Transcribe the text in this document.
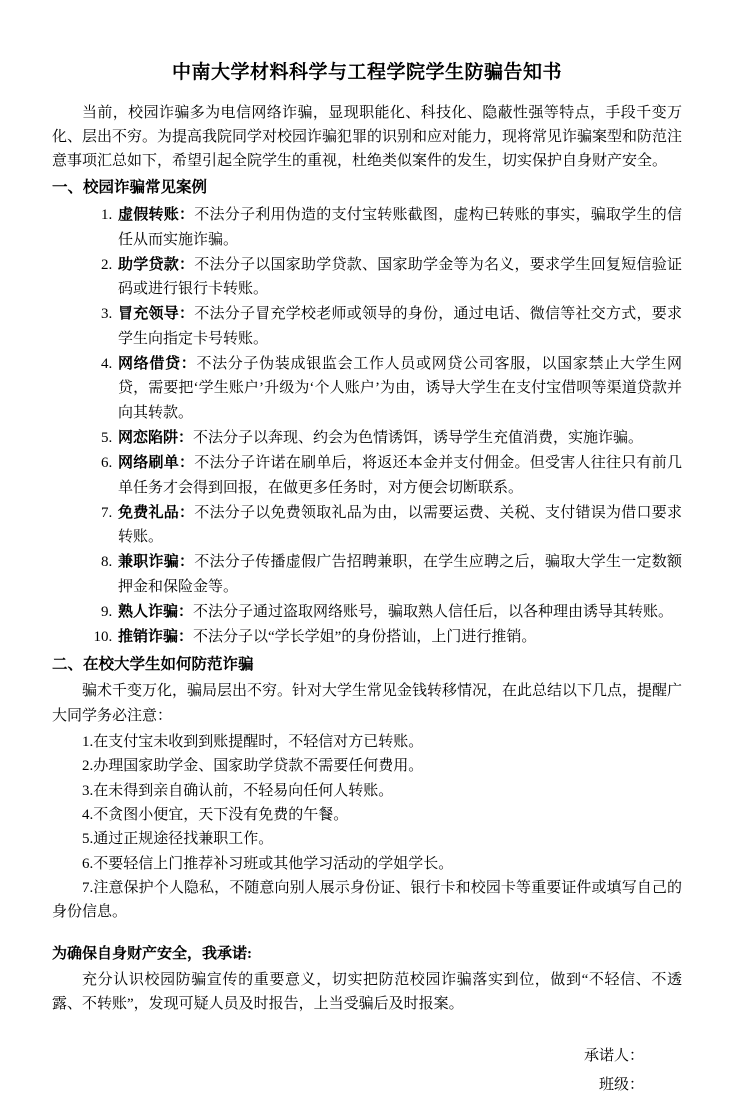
中南大学材料科学与工程学院学生防骗告知书

当前，校园诈骗多为电信网络诈骗，显现职能化、科技化、隐蔽性强等特点，手段千变万化、层出不穷。为提高我院同学对校园诈骗犯罪的识别和应对能力，现将常见诈骗案型和防范注意事项汇总如下，希望引起全院学生的重视，杜绝类似案件的发生，切实保护自身财产安全。

一、校园诈骗常见案例
1. 虚假转账：不法分子利用伪造的支付宝转账截图，虚构已转账的事实，骗取学生的信任从而实施诈骗。
2. 助学贷款：不法分子以国家助学贷款、国家助学金等为名义，要求学生回复短信验证码或进行银行卡转账。
3. 冒充领导：不法分子冒充学校老师或领导的身份，通过电话、微信等社交方式，要求学生向指定卡号转账。
4. 网络借贷：不法分子伪装成银监会工作人员或网贷公司客服，以国家禁止大学生网贷，需要把‘学生账户’升级为‘个人账户’为由，诱导大学生在支付宝借呗等渠道贷款并向其转款。
5. 网恋陷阱：不法分子以奔现、约会为色情诱饵，诱导学生充值消费，实施诈骗。
6. 网络刷单：不法分子许诺在刷单后，将返还本金并支付佣金。但受害人往往只有前几单任务才会得到回报，在做更多任务时，对方便会切断联系。
7. 免费礼品：不法分子以免费领取礼品为由，以需要运费、关税、支付错误为借口要求转账。
8. 兼职诈骗：不法分子传播虚假广告招聘兼职，在学生应聘之后，骗取大学生一定数额押金和保险金等。
9. 熟人诈骗：不法分子通过盗取网络账号，骗取熟人信任后，以各种理由诱导其转账。
10. 推销诈骗：不法分子以“学长学姐”的身份搭讪，上门进行推销。
二、在校大学生如何防范诈骗

骗术千变万化，骗局层出不穷。针对大学生常见金钱转移情况，在此总结以下几点，提醒广大同学务必注意：

1.在支付宝未收到到账提醒时，不轻信对方已转账。

2.办理国家助学金、国家助学贷款不需要任何费用。

3.在未得到亲自确认前，不轻易向任何人转账。

4.不贪图小便宜，天下没有免费的午餐。

5.通过正规途径找兼职工作。

6.不要轻信上门推荐补习班或其他学习活动的学姐学长。

7.注意保护个人隐私，不随意向别人展示身份证、银行卡和校园卡等重要证件或填写自己的身份信息。

为确保自身财产安全，我承诺:

充分认识校园防骗宣传的重要意义，切实把防范校园诈骗落实到位，做到“不轻信、不透露、不转账”，发现可疑人员及时报告，上当受骗后及时报案。

承诺人：
班级：
